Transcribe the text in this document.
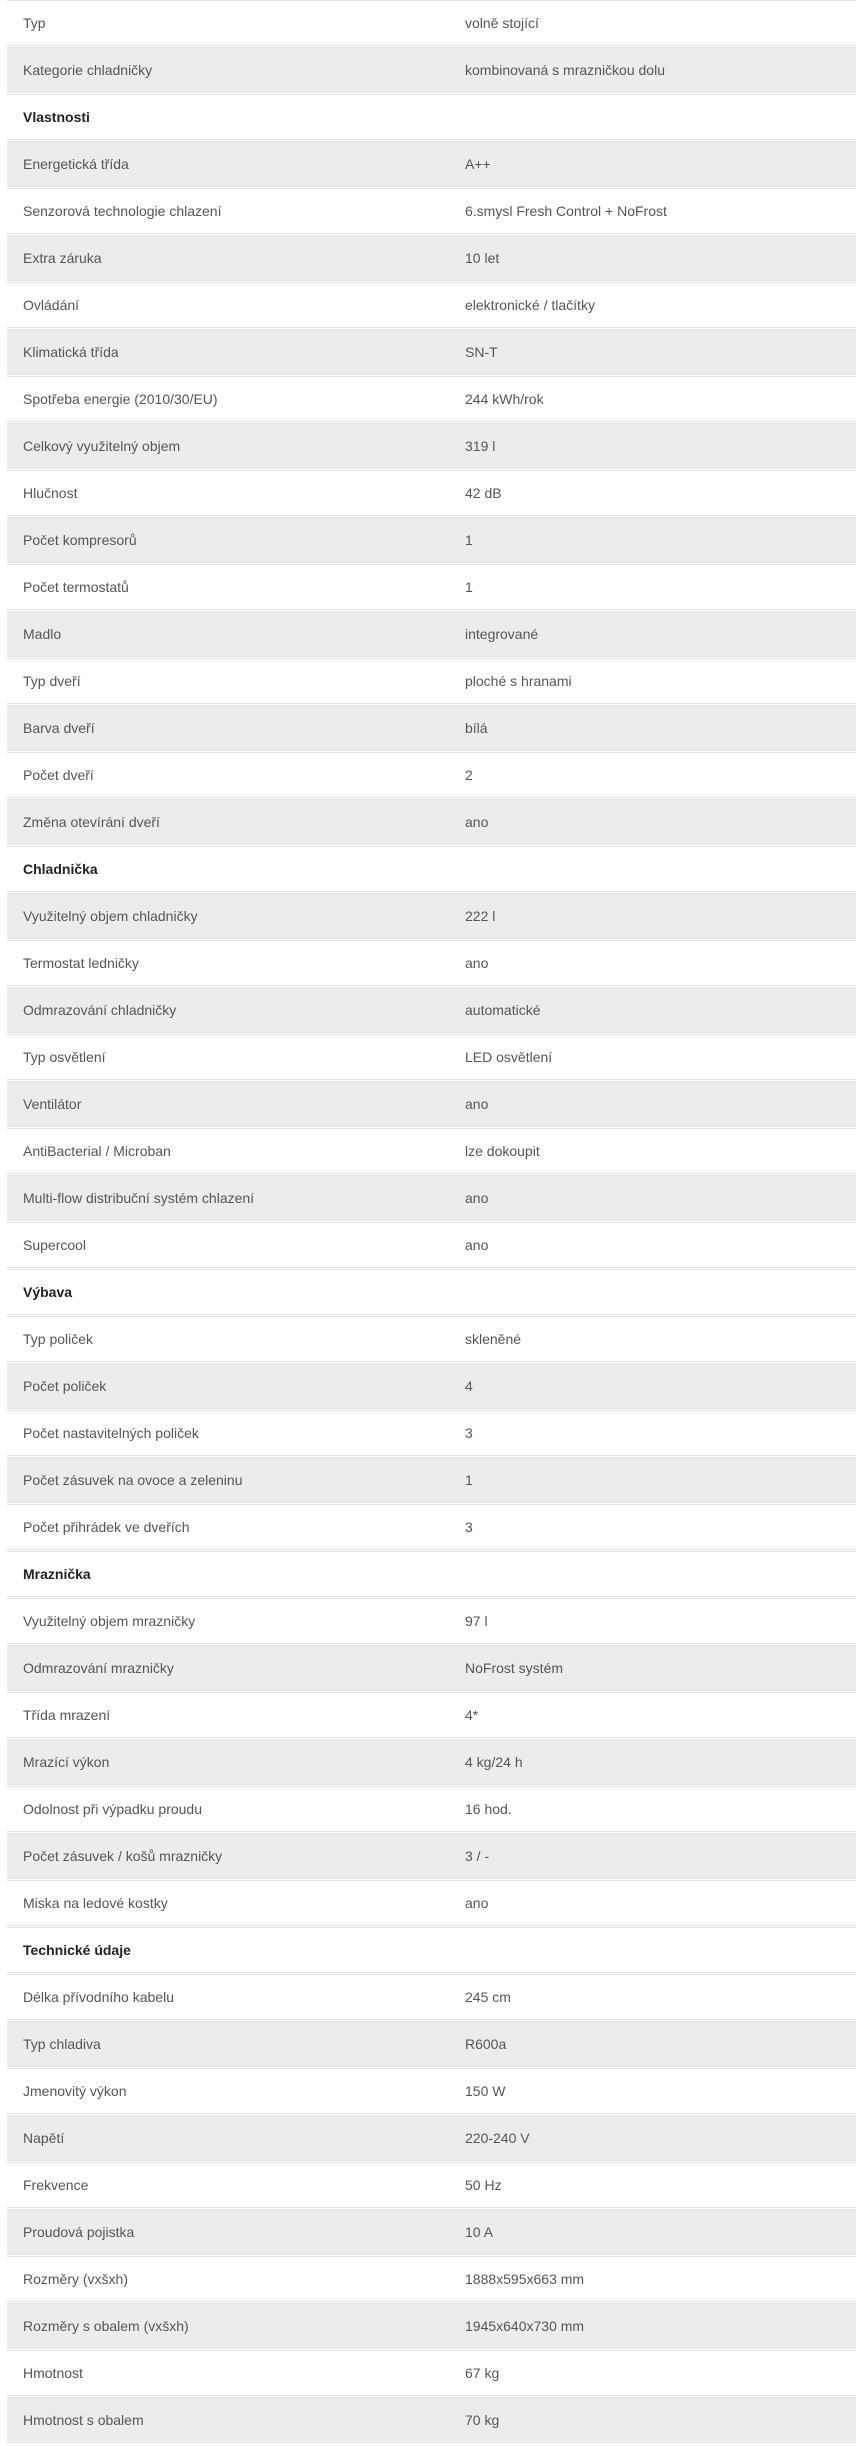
Typ	volně stojící
Kategorie chladničky	kombinovaná s mrazničkou dolu
Vlastnosti
Energetická třída	A++
Senzorová technologie chlazení	6.smysl Fresh Control + NoFrost
Extra záruka	10 let
Ovládání	elektronické / tlačítky
Klimatická třída	SN-T
Spotřeba energie (2010/30/EU)	244 kWh/rok
Celkový využitelný objem	319 l
Hlučnost	42 dB
Počet kompresorů	1
Počet termostatů	1
Madlo	integrované
Typ dveří	ploché s hranami
Barva dveří	bílá
Počet dveří	2
Změna otevírání dveří	ano
Chladnička
Využitelný objem chladničky	222 l
Termostat ledničky	ano
Odmrazování chladničky	automatické
Typ osvětlení	LED osvětlení
Ventilátor	ano
AntiBacterial / Microban	lze dokoupit
Multi-flow distribuční systém chlazení	ano
Supercool	ano
Výbava
Typ poliček	skleněné
Počet poliček	4
Počet nastavitelných poliček	3
Počet zásuvek na ovoce a zeleninu	1
Počet přihrádek ve dveřích	3
Mraznička
Využitelný objem mrazničky	97 l
Odmrazování mrazničky	NoFrost systém
Třída mrazení	4*
Mrazící výkon	4 kg/24 h
Odolnost při výpadku proudu	16 hod.
Počet zásuvek / košů mrazničky	3 / -
Miska na ledové kostky	ano
Technické údaje
Délka přívodního kabelu	245 cm
Typ chladiva	R600a
Jmenovitý výkon	150 W
Napětí	220-240 V
Frekvence	50 Hz
Proudová pojistka	10 A
Rozměry (vxšxh)	1888x595x663 mm
Rozměry s obalem (vxšxh)	1945x640x730 mm
Hmotnost	67 kg
Hmotnost s obalem	70 kg
